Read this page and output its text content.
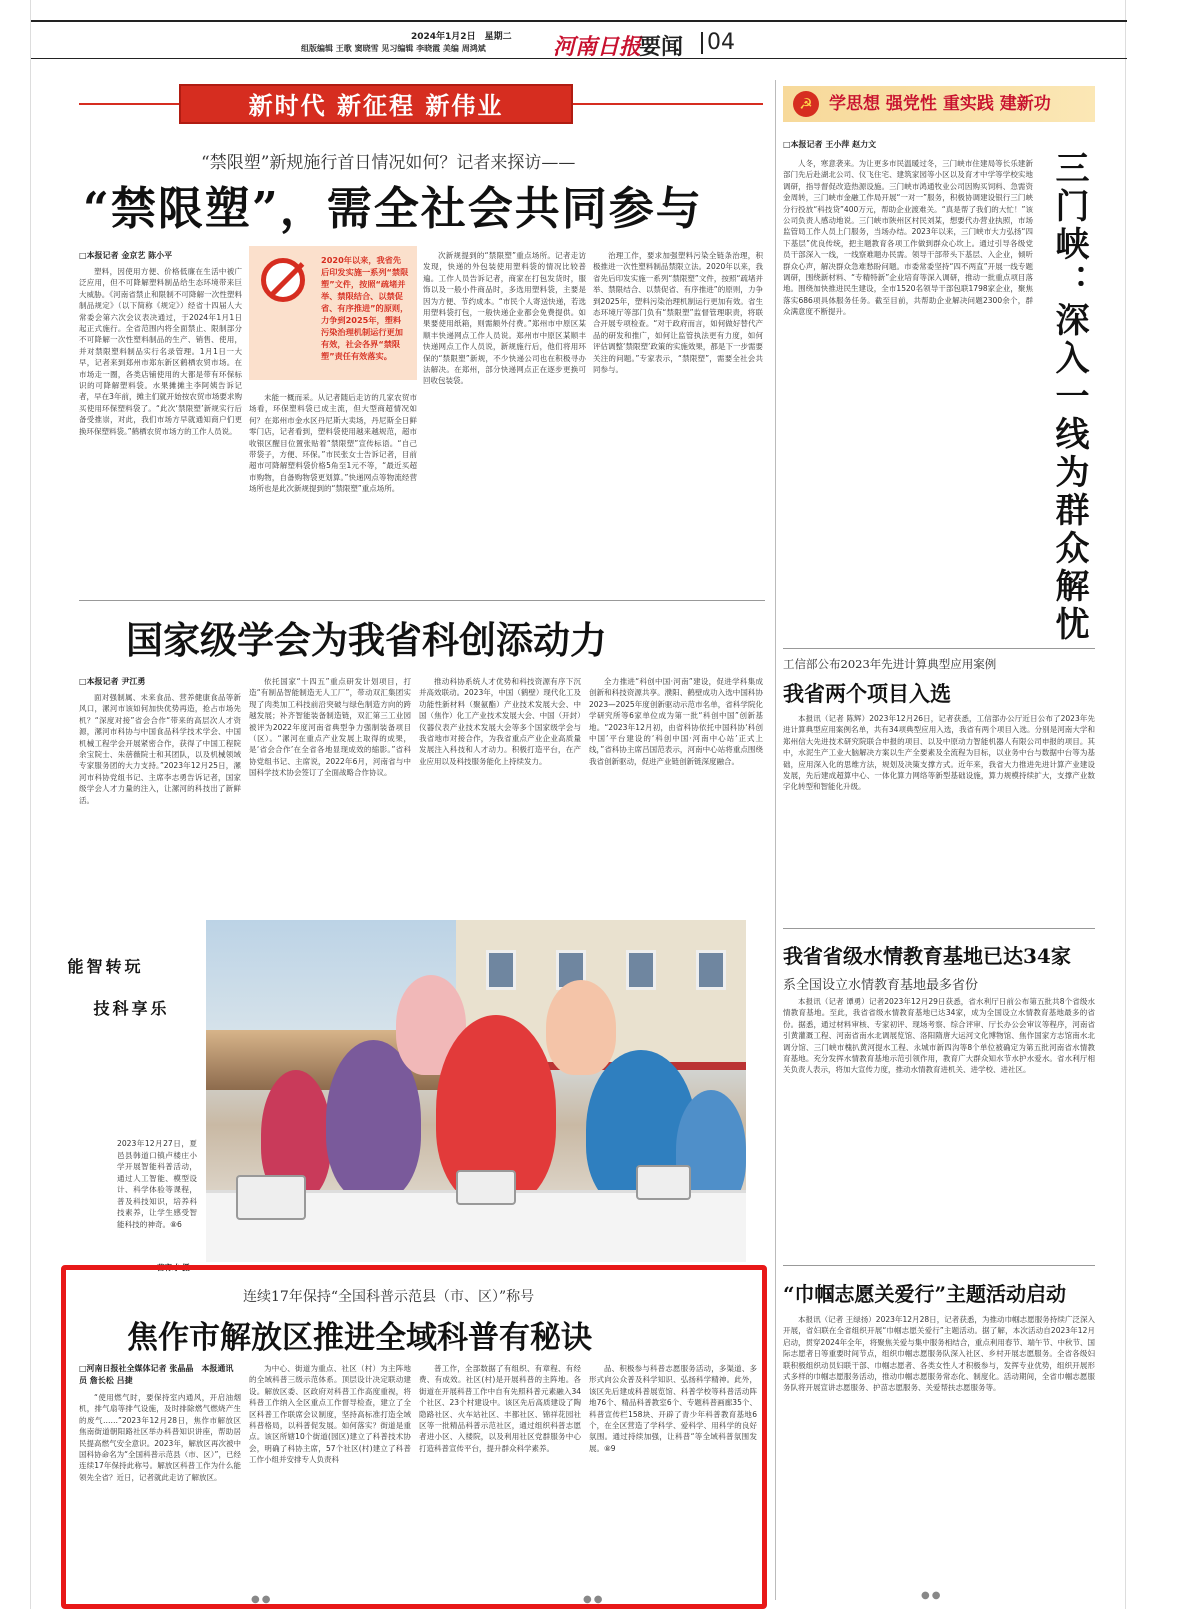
2024年1月2日　星期二
组版编辑 王歌 窦晓雪 见习编辑 李晓霞 美编 周鸿斌	河南日报
要闻 04
新时代 新征程 新伟业	☭ 学思想 强党性 重实践 建新功
“禁限塑”新规施行首日情况如何？记者来探访——
“禁限塑”，需全社会共同参与
□本报记者 金京艺 陈小平
塑料，因使用方便、价格低廉在生活中被广泛应用，但不可降解塑料制品给生态环境带来巨大威胁。《河南省禁止和限制不可降解一次性塑料制品规定》（以下简称《规定》）经省十四届人大常委会第六次会议表决通过，于2024年1月1日起正式施行。全省范围内将全面禁止、限制部分不可降解一次性塑料制品的生产、销售、使用，并对禁限塑料制品实行名录管理。1月1日一大早，记者来到郑州市郑东新区鹤栖农贸市场。在市场走一圈，各类店铺使用的大都是带有环保标识的可降解塑料袋。水果摊摊主李阿姨告诉记者，早在3年前，摊主们就开始按农贸市场要求购买使用环保塑料袋了。“此次‘禁限塑’新规实行后备受推崇，对此，我们市场方早就通知商户们更换环保塑料袋。”鹤栖农贸市场方的工作人员说。
2020年以来，我省先后印发实施一系列“禁限塑”文件，按照“疏堵并举、禁限结合、以禁促省、有序推进”的原则，力争到2025年，塑料污染治理机制运行更加有效，社会各界“禁限塑”责任有效落实。
未能一概而采。从记者随后走访的几家农贸市场看，环保塑料袋已成主流，但大型商超情况如何？在郑州市金水区丹尼斯大卖场，丹尼斯全日鲜零门店，记者看到，塑料袋使用越来越规范，超市收银区醒目位置张贴着“禁限塑”宣传标语。“自己带袋子，方便、环保。”市民张女士告诉记者，目前超市可降解塑料袋价格5角至1元不等，“最近买超市购物，自备购物袋更划算。”快递网点等物流经营场所也是此次新规提到的“禁限塑”重点场所。
次新规提到的“禁限塑”重点场所。记者走访发现，快递的外包装使用塑料袋的情况比较普遍。工作人员告诉记者，商家在打包发货时，服饰以及一般小件商品时，多选用塑料袋，主要是因为方便、节约成本。“市民个人寄送快递，若选用塑料袋打包，一般快递企业都会免费提供。如果要使用纸箱，则需额外付费。”郑州市中原区某顺丰快递网点工作人员说。郑州市中原区某顺丰快递网点工作人员说，新规施行后，他们将用环保的“禁限塑”新规，不少快递公司也在积极寻办法解决。在郑州，部分快递网点正在逐步更换可回收包装袋。
治理工作，要求加强塑料污染全链条治理，积极推进一次性塑料制品禁限立法。2020年以来，我省先后印发实施一系列“禁限塑”文件，按照“疏堵并举、禁限结合、以禁促省、有序推进”的原则，力争到2025年，塑料污染治理机制运行更加有效。省生态环境厅等部门负有“禁限塑”监督管理职责，将联合开展专项检查。“对于政府而言，如何做好替代产品的研发和推广，如何让监管执法更有力度，如何评估调整‘禁限塑’政策的实施效果，都是下一步需要关注的问题。”专家表示，“禁限塑”，需要全社会共同参与。
国家级学会为我省科创添动力
□本报记者 尹江勇
面对强制属、未来食品、营养健康食品等新风口，漯河市该如何加快优势再造，抢占市场先机？“深度对接”省会合作“带来的高层次人才资源，漯河市科协与中国食品科学技术学会、中国机械工程学会开展紧密合作，获得了中国工程院余宝院士、朱蓓薇院士和其团队，以及机械领域专家服务团的大力支持。”2023年12月25日，漯河市科协党组书记、主席李志勇告诉记者，国家级学会人才力量的注入，让漯河的科技出了新鲜活。
依托国家“十四五”重点研发计划项目，打造“有制品智能制造无人工厂”，带动双汇集团实现了肉类加工科技前沿突破与绿色制造方向的跨越发展；补齐智能装备制造链，双汇第三工业园被评为2022年度河南省典型争力强制装备项目（区）。“漯河在重点产业发展上取得的成果，是‘省会合作’在全省各地显现成效的缩影。”省科协党组书记、主席说，2022年6月，河南省与中国科学技术协会签订了全面战略合作协议。
推动科协系统人才优势和科技资源有序下沉并高效联动。2023年，中国（鹤壁）现代化工及功能性新材料（聚氨酯）产业技术发展大会、中国（焦作）化工产业技术发展大会、中国（开封）仪器仪表产业技术发展大会等多个国家级学会与我省地市对接合作，为我省重点产业企业高质量发展注入科技和人才动力。积极打造平台，在产业应用以及科技服务能化上持续发力。
全力推进“科创中国·河南”建设，促进学科集成创新和科技资源共享。濮阳、鹤壁成功入选中国科协2023—2025年度创新驱动示范市名单，省科学院化学研究所等6家单位成为第一批“科创中国”创新基地。“2023年12月初，由省科协依托中国科协‘科创中国’平台建设的‘科创中国·河南中心站’正式上线，”省科协主席吕国范表示，河南中心站将重点围绕我省创新驱动，促进产业链创新链深度融合。
玩转智能
乐享科技
2023年12月27日，夏邑县韩道口镇卢楼庄小学开展智能科普活动，通过人工智能、模型设计、科学体验等课程，普及科技知识，培养科技素养，让学生感受智能科技的神奇。⑧6
苗育才 摄
□本报记者 王小萍 赵力文
人冬，寒意袭来。为让更多市民温暖过冬，三门峡市住建局等长乐建新部门先后赴湖北公司、仪飞住宅、建筑家园等小区以及育才中学等学校实地调研，指导督促改造热源设施。三门峡市鸿通牧业公司因购买饲料、急需资金周转，三门峡市金融工作局开展“一对一”服务，积极协调建设银行三门峡分行投放“科技贷”400万元，帮助企业渡难关。“真是帮了我们的大忙！”该公司负责人感动地说。三门峡市陕州区村民刘某，想要代办营业执照，市场监管局工作人员上门服务，当场办结。2023年以来，三门峡市大力弘扬“四下基层”优良传统，把主题教育各项工作做到群众心坎上。通过引导各级党员干部深入一线，一线察难题办民需。领导干部带头下基层、入企业，倾听群众心声，解决群众急难愁盼问题。市委常委坚持“四不两直”开展一线专题调研，围绕新材料、“专精特新”企业培育等深入调研，推动一批重点项目落地。围绕加快推进民生建设，全市1520名领导干部包联1798家企业，聚焦落实686项具体服务任务。截至目前，共帮助企业解决问题2300余个，群众满意度不断提升。	三门峡：深入一线为群众解忧
工信部公布2023年先进计算典型应用案例
我省两个项目入选
本报讯（记者 陈辉）2023年12月26日，记者获悉，工信部办公厅近日公布了2023年先进计算典型应用案例名单，共有34项典型应用入选，我省有两个项目入选。分别是河南大学和郑州信大先进技术研究院联合申报的项目、以及中原动力智能机器人有限公司申报的项目。其中，水泥生产工业大脑解决方案以生产全要素及全流程为目标，以业务中台与数据中台等为基础，应用深入化的思维方法，规划及决策支撑方式。近年来，我省大力推进先进计算产业建设发展，先后建成超算中心、一体化算力网络等新型基础设施，算力规模持续扩大，支撑产业数字化转型和智能化升级。
我省省级水情教育基地已达34家
系全国设立水情教育基地最多省份
本报讯（记者 谭勇）记者2023年12月29日获悉，省水利厅日前公布第五批共8个省级水情教育基地。至此，我省省级水情教育基地已达34家，成为全国设立水情教育基地最多的省份。据悉，通过材料审核、专家初评、现场考察、综合评审、厅长办公会审议等程序，河南省引黄灌溉工程、河南省南水北调展览馆、洛阳隋唐大运河文化博物馆、焦作国家方志馆南水北调分馆、三门峡市槐扒黄河提水工程、永城市新四沟等8个单位被确定为第五批河南省水情教育基地。充分发挥水情教育基地示范引领作用，教育广大群众知水节水护水爱水。省水利厅相关负责人表示，将加大宣传力度，推动水情教育进机关、进学校、进社区。
“巾帼志愿关爱行”主题活动启动
本报讯（记者 王绿扬）2023年12月28日，记者获悉，为推动巾帼志愿服务持续广泛深入开展，省妇联在全省组织开展“巾帼志愿关爱行”主题活动。据了解，本次活动自2023年12月启动，贯穿2024年全年，将聚焦关爱与集中服务相结合，重点利用春节、端午节、中秋节、国际志愿者日等重要时间节点，组织巾帼志愿服务队深入社区、乡村开展志愿服务。全省各级妇联积极组织动员妇联干部、巾帼志愿者、各类女性人才积极参与，发挥专业优势，组织开展形式多样的巾帼志愿服务活动，推动巾帼志愿服务常态化、制度化。活动期间，全省巾帼志愿服务队将开展宣讲志愿服务、护苗志愿服务、关爱帮扶志愿服务等。
●●
连续17年保持“全国科普示范县（市、区）”称号
焦作市解放区推进全域科普有秘诀
□河南日报社全媒体记者 张晶晶　本报通讯员 詹长松 吕捷
“使用燃气时，要保持室内通风，开启油烟机，排气扇等排气设施，及时排除燃气燃烧产生的废气……”2023年12月28日，焦作市解放区焦南街道朝阳路社区举办科普知识讲座，帮助居民提高燃气安全意识。2023年，解放区再次被中国科协命名为“全国科普示范县（市、区）”，已经连续17年保持此称号。解放区科普工作为什么能领先全省？近日，记者就此走访了解放区。
为中心、街道为重点、社区（村）为主阵地的全域科普三级示范体系。顶层设计决定联动建设。解放区委、区政府对科普工作高度重视，将科普工作纳入全区重点工作督导检查，建立了全区科普工作联席会议制度，坚持高标准打造全域科普格局，以科普促发展。如何落实？街道是重点。该区所辖10个街道(园区)建立了科普技术协会，明确了科协主席，57个社区(村)建立了科普工作小组并安排专人负责科
普工作，全部数据了有组织、有章程、有经费、有成效。社区(村)是开展科普的主阵地。各街道在开展科普工作中自有先照科普元素融入34个社区、23个村建设中。该区先后高质建设了陶隐路社区、火车站社区、丰都社区、锦祥花园社区等一批精品科普示范社区，通过组织科普志愿者进小区、入楼院，以及利用社区党群服务中心打造科普宣传平台，提升群众科学素养。
品、积极参与科普志愿服务活动，多渠道、多形式向公众普及科学知识、弘扬科学精神。此外，该区先后建成科普展览馆、科普学校等科普活动阵地76个、精品科普教室6个、专题科普画廊35个、科普宣传栏158块、开辟了青少年科普教育基地6个，在全区营造了学科学、爱科学、用科学的良好氛围。通过持续加强，让科普“等全域科普氛围发展。⑧9
●●	●●
